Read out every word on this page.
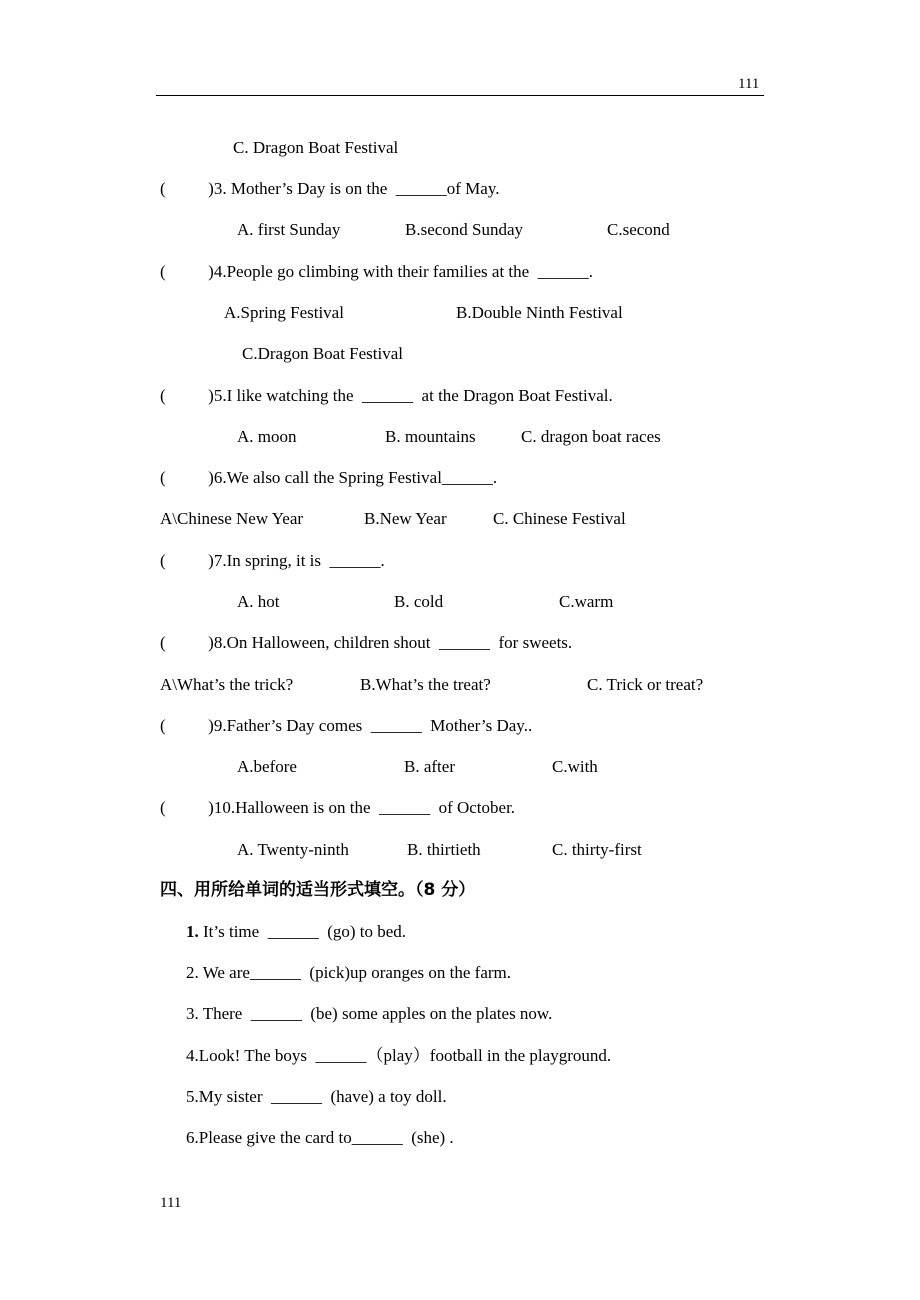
111
C. Dragon Boat Festival
(          )3. Mother’s Day is on the  ______of May.
A. first Sunday	B.second Sunday	C.second
(          )4.People go climbing with their families at the  ______.
A.Spring Festival	B.Double Ninth Festival
C.Dragon Boat Festival
(          )5.I like watching the  ______  at the Dragon Boat Festival.
A. moon	B. mountains	C. dragon boat races
(          )6.We also call the Spring Festival______.
A\Chinese New Year	B.New Year	C. Chinese Festival
(          )7.In spring, it is  ______.
A. hot	B. cold	C.warm
(          )8.On Halloween, children shout  ______  for sweets.
A\What’s the trick?	B.What’s the treat?	C. Trick or treat?
(          )9.Father’s Day comes  ______  Mother’s Day..
A.before	B. after	C.with
(          )10.Halloween is on the  ______  of October.
A. Twenty-ninth	B. thirtieth	C. thirty-first
四、用所给单词的适当形式填空。（8 分）
1. It’s time  ______  (go) to bed.
2. We are______  (pick)up oranges on the farm.
3. There  ______  (be) some apples on the plates now.
4.Look! The boys  ______（play）football in the playground.
5.My sister  ______  (have) a toy doll.
6.Please give the card to______  (she) .
111
